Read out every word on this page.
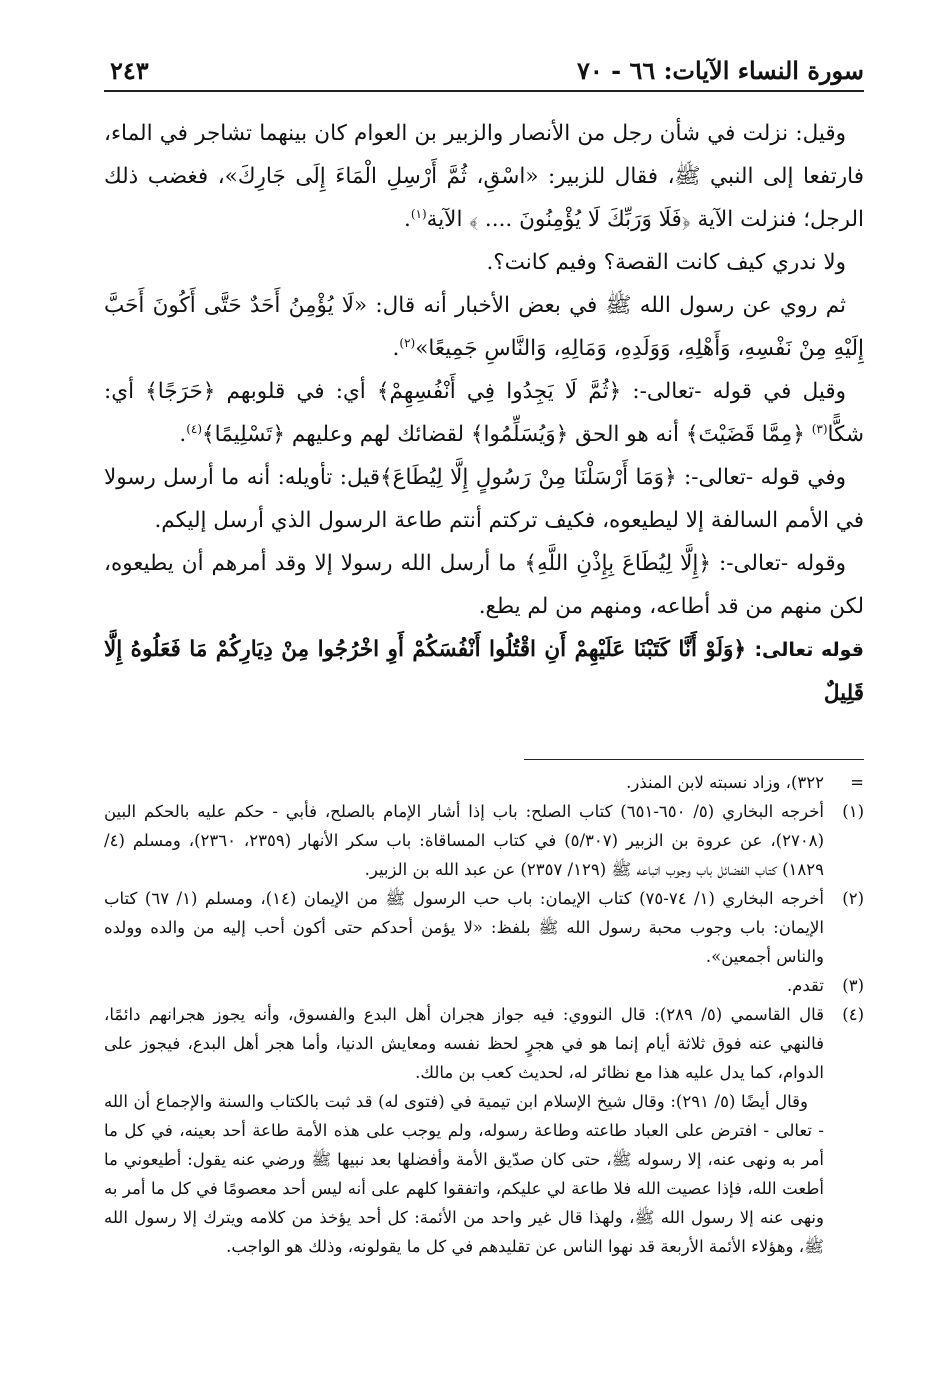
سورة النساء الآيات: ٦٦ - ٧٠
٢٤٣

وقيل: نزلت في شأن رجل من الأنصار والزبير بن العوام كان بينهما تشاجر في الماء، فارتفعا إلى النبي ﷺ، فقال للزبير: «اسْقِ، ثُمَّ أَرْسِلِ الْمَاءَ إِلَى جَارِكَ»، فغضب ذلك الرجل؛ فنزلت الآية ﴿فَلَا وَرَبِّكَ لَا يُؤْمِنُونَ .... ﴾ الآية$^{(١)}$.

ولا ندري كيف كانت القصة؟ وفيم كانت؟.

ثم روي عن رسول الله ﷺ في بعض الأخبار أنه قال: «لَا يُؤْمِنُ أَحَدٌ حَتَّى أَكُونَ أَحَبَّ إِلَيْهِ مِنْ نَفْسِهِ، وَأَهْلِهِ، وَوَلَدِهِ، وَمَالِهِ، وَالنَّاسِ جَمِيعًا»$^{(٢)}$.

وقيل في قوله -تعالى-: ﴿ثُمَّ لَا يَجِدُوا فِي أَنْفُسِهِمْ﴾ أي: في قلوبهم ﴿حَرَجًا﴾ أي: شكًّا$^{(٣)}$ ﴿مِمَّا قَضَيْتَ﴾ أنه هو الحق ﴿وَيُسَلِّمُوا﴾ لقضائك لهم وعليهم ﴿تَسْلِيمًا﴾$^{(٤)}$.

وفي قوله -تعالى-: ﴿وَمَا أَرْسَلْنَا مِنْ رَسُولٍ إِلَّا لِيُطَاعَ﴾قيل: تأويله: أنه ما أرسل رسولا في الأمم السالفة إلا ليطيعوه، فكيف تركتم أنتم طاعة الرسول الذي أرسل إليكم.

وقوله -تعالى-: ﴿إِلَّا لِيُطَاعَ بِإِذْنِ اللَّهِ﴾ ما أرسل الله رسولا إلا وقد أمرهم أن يطيعوه، لكن منهم من قد أطاعه، ومنهم من لم يطع.

قوله تعالى: ﴿وَلَوْ أَنَّا كَتَبْنَا عَلَيْهِمْ أَنِ اقْتُلُوا أَنْفُسَكُمْ أَوِ اخْرُجُوا مِنْ دِيَارِكُمْ مَا فَعَلُوهُ إِلَّا قَلِيلٌ

=
٣٢٢)، وزاد نسبته لابن المنذر.
(١)
أخرجه البخاري (٥/ ٦٥٠-٦٥١) كتاب الصلح: باب إذا أشار الإمام بالصلح، فأبي - حكم عليه بالحكم البين (٢٧٠٨)، عن عروة بن الزبير (٥/٣٠٧) في كتاب المساقاة: باب سكر الأنهار (٢٣٥٩، ٢٣٦٠)، ومسلم (٤/ ١٨٢٩) كتاب الفضائل باب وجوب اتباعه ﷺ (١٢٩/ ٢٣٥٧) عن عبد الله بن الزبير.
(٢)
أخرجه البخاري (١/ ٧٤-٧٥) كتاب الإيمان: باب حب الرسول ﷺ من الإيمان (١٤)، ومسلم (١/ ٦٧) كتاب الإيمان: باب وجوب محبة رسول الله ﷺ بلفظ: «لا يؤمن أحدكم حتى أكون أحب إليه من والده وولده والناس أجمعين».
(٣)
تقدم.
(٤)
قال القاسمي (٥/ ٢٨٩): قال النووي: فيه جواز هجران أهل البدع والفسوق، وأنه يجوز هجرانهم دائمًا، فالنهي عنه فوق ثلاثة أيام إنما هو في هجرٍ لحظ نفسه ومعايش الدنيا، وأما هجر أهل البدع، فيجوز على الدوام، كما يدل عليه هذا مع نظائر له، لحديث كعب بن مالك.
وقال أيضًا (٥/ ٢٩١): وقال شيخ الإسلام ابن تيمية في (فتوى له) قد ثبت بالكتاب والسنة والإجماع أن الله - تعالى - افترض على العباد طاعته وطاعة رسوله، ولم يوجب على هذه الأمة طاعة أحد بعينه، في كل ما أمر به ونهى عنه، إلا رسوله ﷺ، حتى كان صدّيق الأمة وأفضلها بعد نبيها ﷺ ورضي عنه يقول: أطيعوني ما أطعت الله، فإذا عصيت الله فلا طاعة لي عليكم، واتفقوا كلهم على أنه ليس أحد معصومًا في كل ما أمر به ونهى عنه إلا رسول الله ﷺ، ولهذا قال غير واحد من الأئمة: كل أحد يؤخذ من كلامه ويترك إلا رسول الله ﷺ، وهؤلاء الأئمة الأربعة قد نهوا الناس عن تقليدهم في كل ما يقولونه، وذلك هو الواجب.
